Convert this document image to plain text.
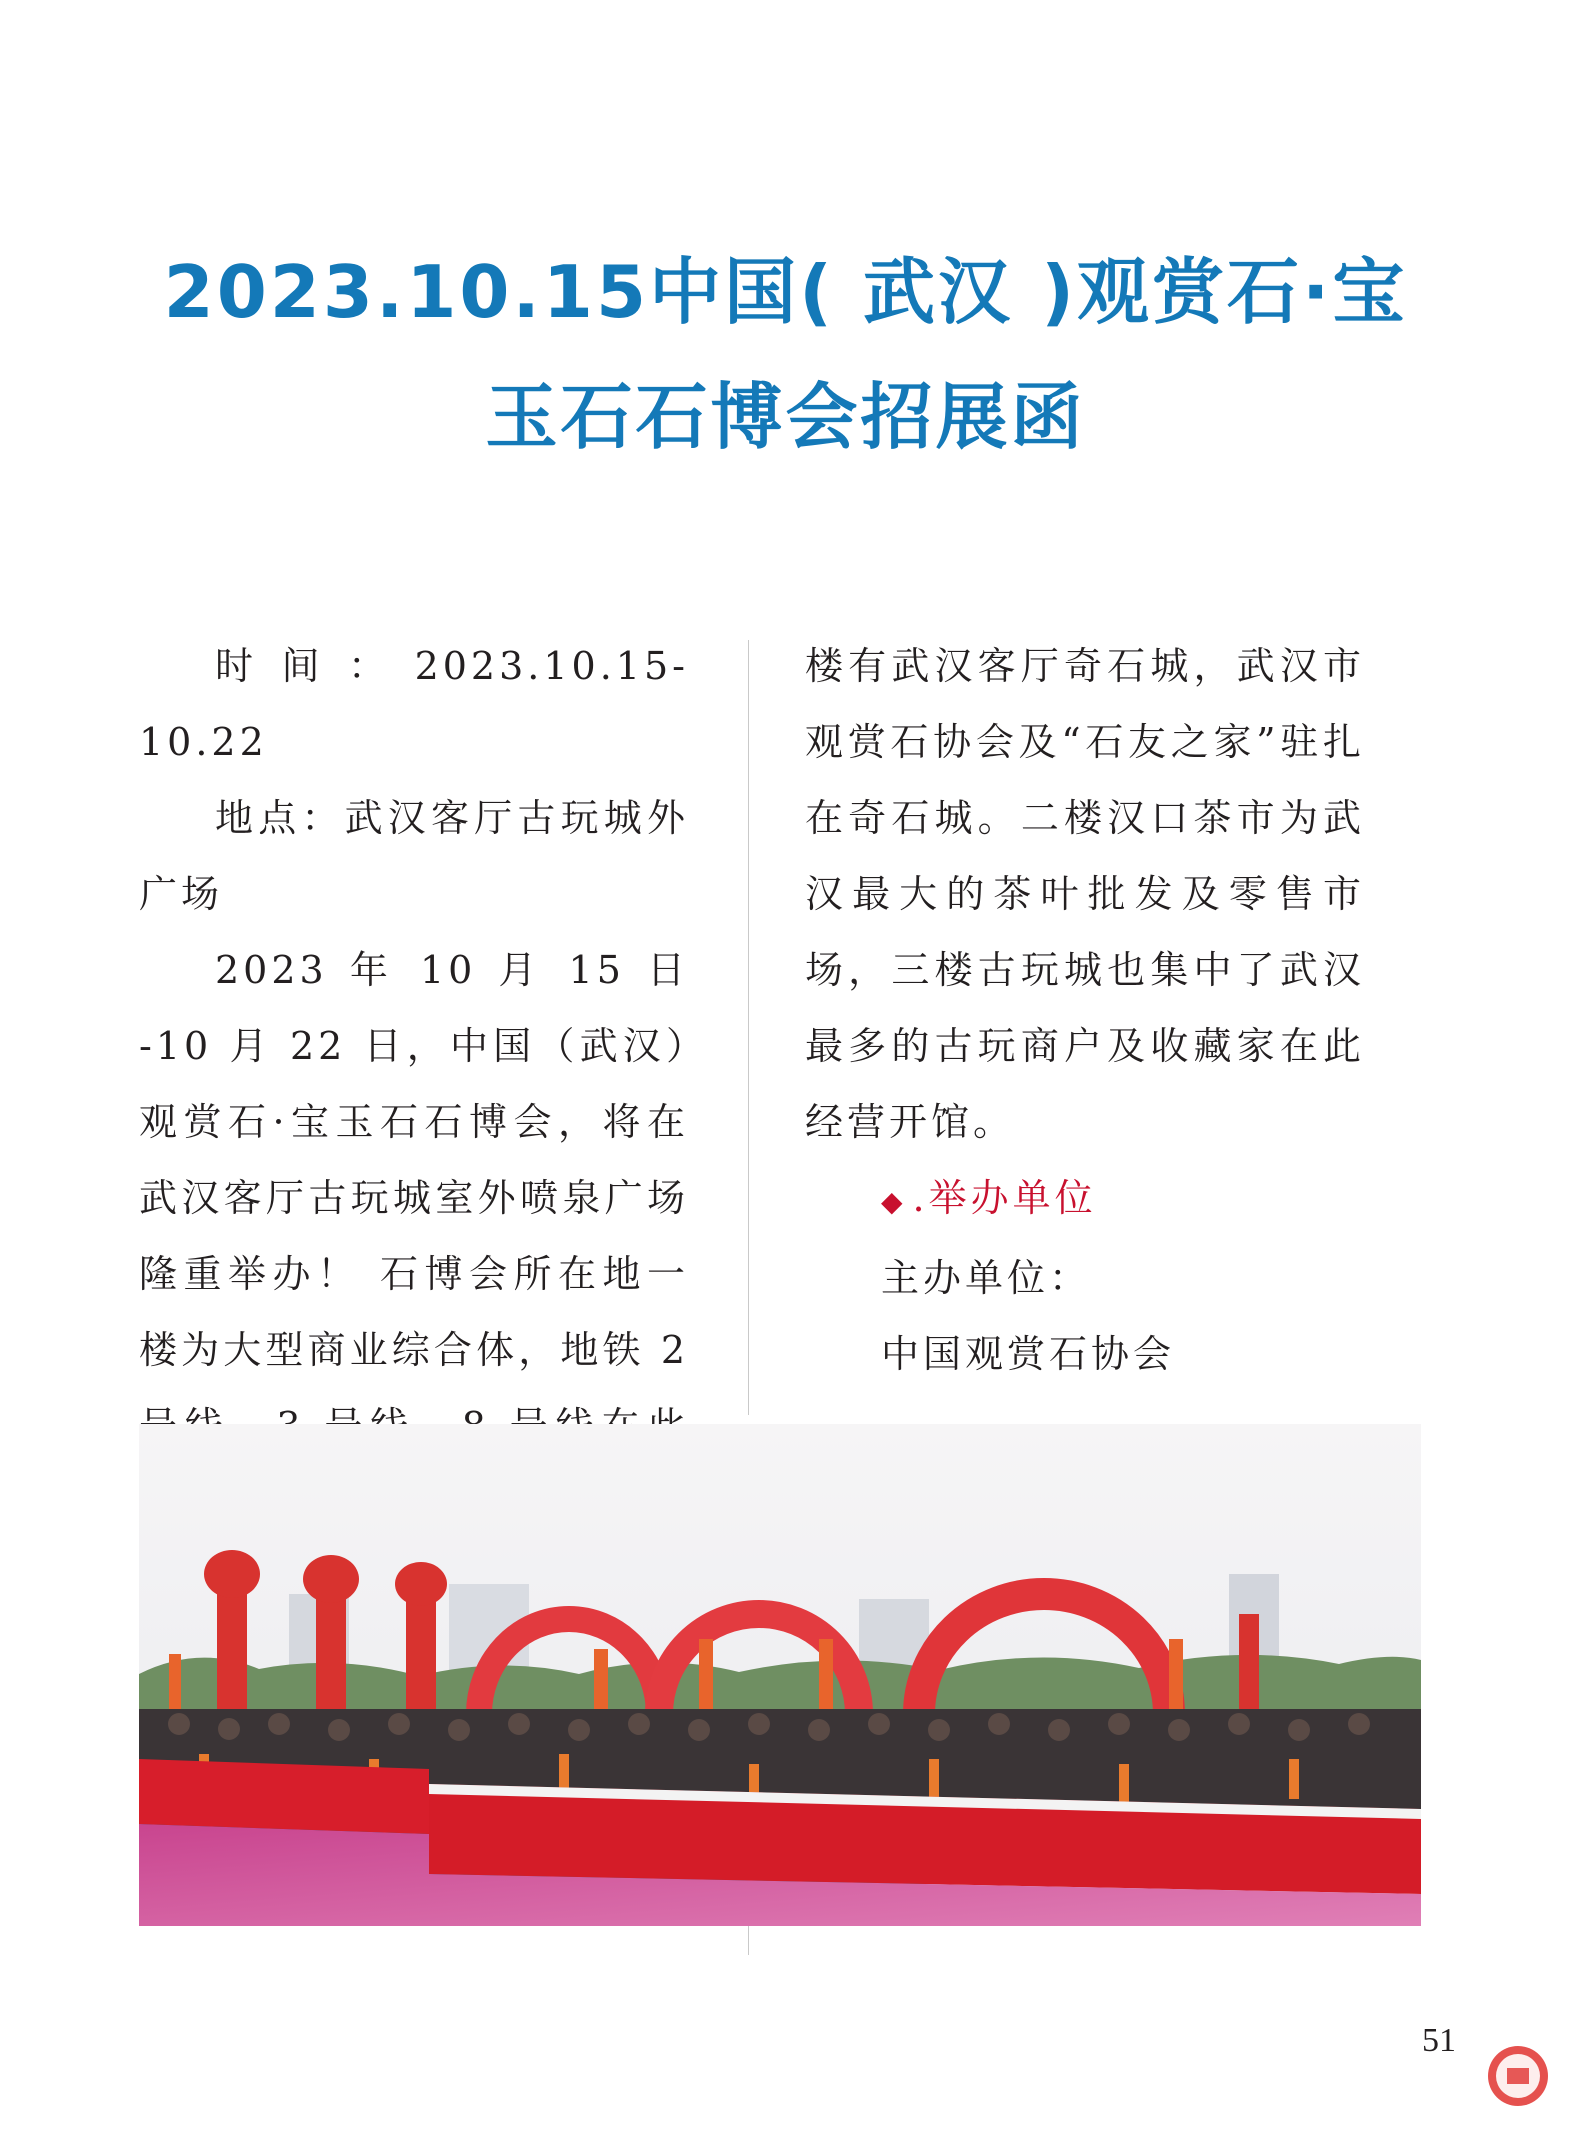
2023.10.15中国( 武汉 )观赏石·宝
玉石石博会招展函

时间：2023.10.15-10.22

地点：武汉客厅古玩城外广场

2023 年 10 月 15 日 -10 月 22 日，中国（武汉）观赏石·宝玉石石博会，将在武汉客厅古玩城室外喷泉广场隆重举办！ 石博会所在地一楼为大型商业综合体，地铁 2

楼有武汉客厅奇石城，武汉市观赏石协会及“石友之家”驻扎在奇石城。二楼汉口茶市为武汉最大的茶叶批发及零售市场，三楼古玩城也集中了武汉最多的古玩商户及收藏家在此经营开馆。

◆.举办单位

主办单位：

中国观赏石协会

51
